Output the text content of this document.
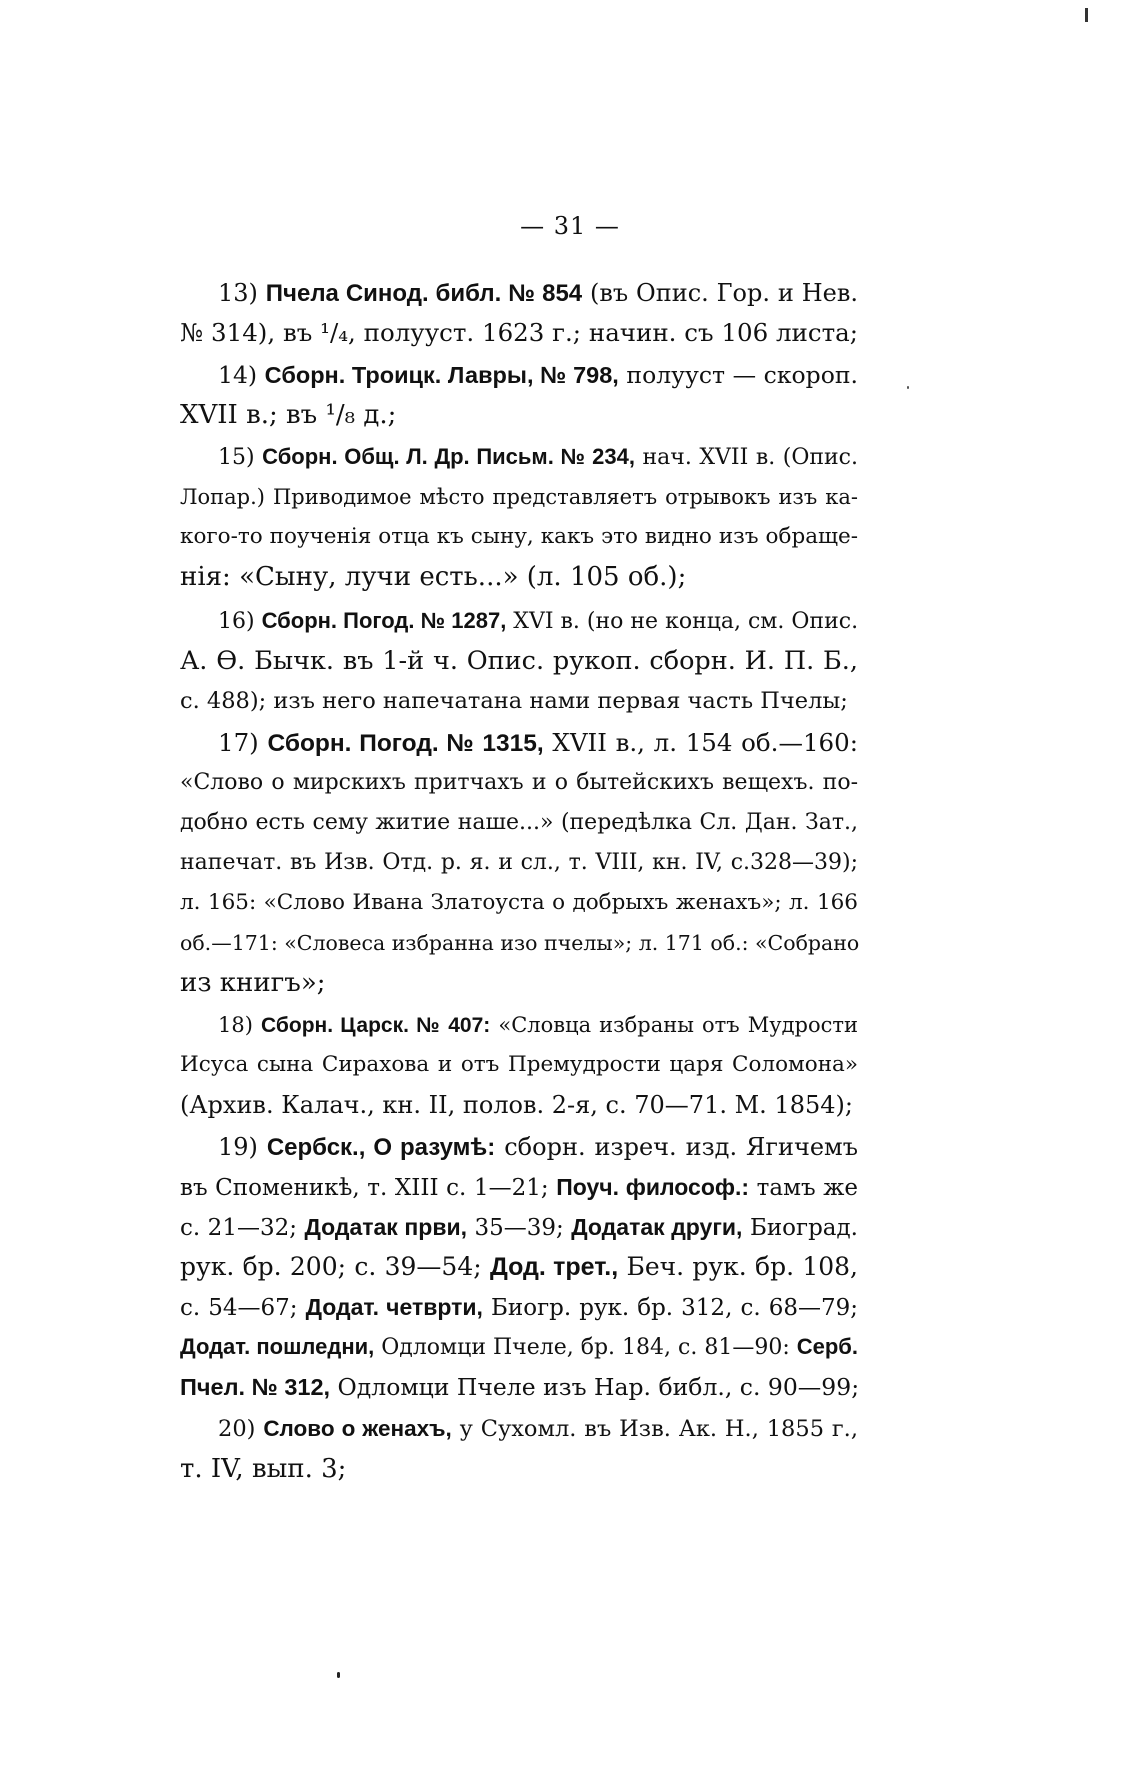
— 31 —
13) Пчела Синод. библ. № 854 (въ Опис. Гор. и Нев.
№ 314), въ ¹/₄, полууст. 1623 г.; начин. съ 106 листа;
14) Сборн. Троицк. Лавры, № 798, полууст — скороп.
XVII в.; въ ¹/₈ д.;
15) Сборн. Общ. Л. Др. Письм. № 234, нач. XVII в. (Опис.
Лопар.) Приводимое мѣсто представляетъ отрывокъ изъ ка-
кого-то поученія отца къ сыну, какъ это видно изъ обраще-
нія: «Сыну, лучи есть...» (л. 105 об.);
16) Сборн. Погод. № 1287, XVI в. (но не конца, см. Опис.
А. Ѳ. Бычк. въ 1-й ч. Опис. рукоп. сборн. И. П. Б.,
с. 488); изъ него напечатана нами первая часть Пчелы;
17) Сборн. Погод. № 1315, XVII в., л. 154 об.—160:
«Слово о мирскихъ притчахъ и о бытейскихъ вещехъ. по-
добно есть сему житие наше...» (передѣлка Сл. Дан. Зат.,
напечат. въ Изв. Отд. р. я. и сл., т. VIII, кн. IV, с.328—39);
л. 165: «Слово Ивана Златоуста о добрыхъ женахъ»; л. 166
об.—171: «Словеса избранна изо пчелы»; л. 171 об.: «Собрано
из книгъ»;
18) Сборн. Царск. № 407: «Словца избраны отъ Мудрости
Исуса сына Сирахова и отъ Премудрости царя Соломона»
(Архив. Калач., кн. II, полов. 2-я, с. 70—71. М. 1854);
19) Сербск., О разумѣ: сборн. изреч. изд. Ягичемъ
въ Споменикѣ, т. XIII с. 1—21; Поуч. философ.: тамъ же
с. 21—32; Додатак први, 35—39; Додатак други, Биоград.
рук. бр. 200; с. 39—54; Дод. трет., Беч. рук. бр. 108,
с. 54—67; Додат. четврти, Биогр. рук. бр. 312, с. 68—79;
Додат. пошледни, Одломци Пчеле, бр. 184, с. 81—90: Серб.
Пчел. № 312, Одломци Пчеле изъ Нар. библ., с. 90—99;
20) Слово о женахъ, у Сухомл. въ Изв. Ак. Н., 1855 г.,
т. IV, вып. 3;
